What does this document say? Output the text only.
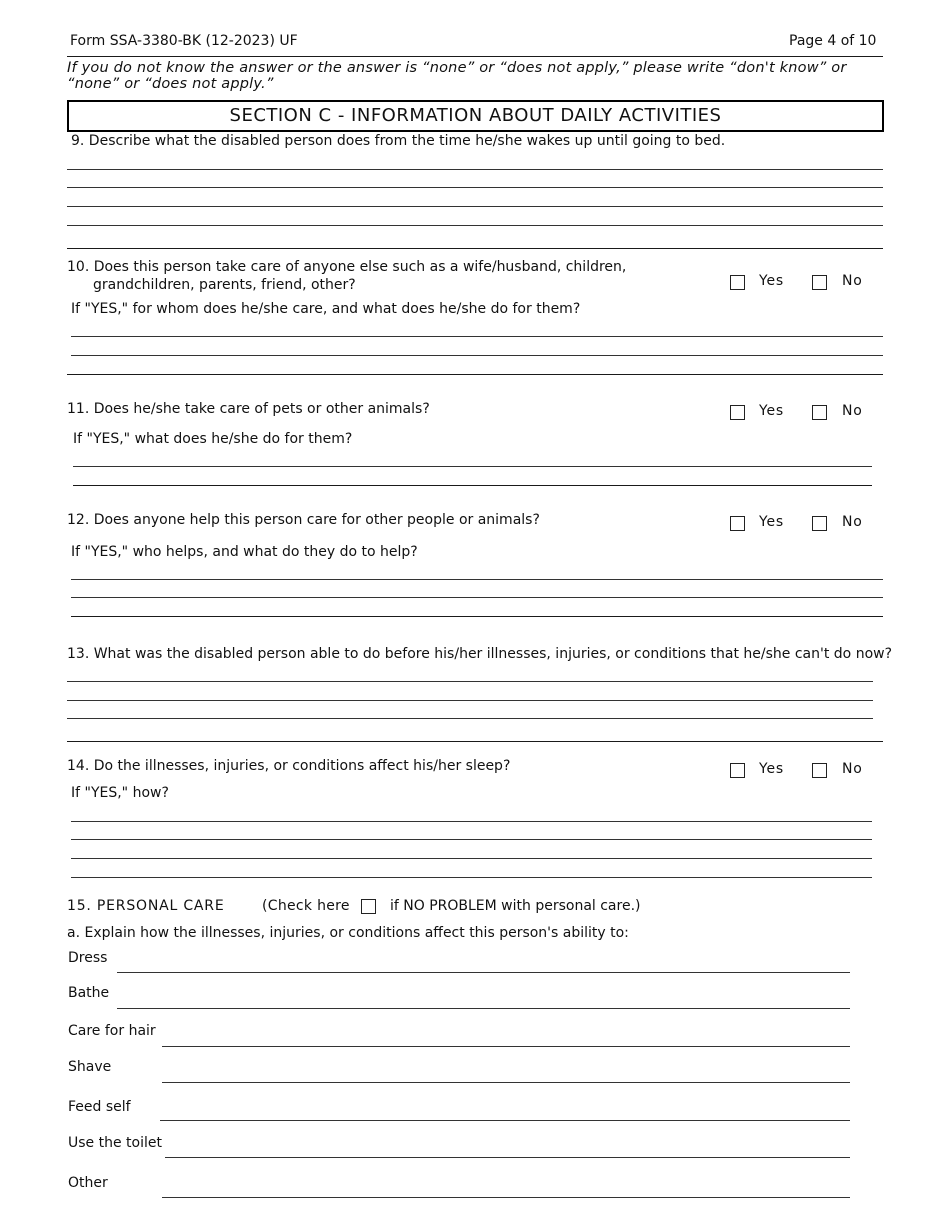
Form SSA-3380-BK (12-2023) UF	Page 4 of 10
If you do not know the answer or the answer is “none” or “does not apply,” please write “don't know” or “none” or “does not apply.”
SECTION C - INFORMATION ABOUT DAILY ACTIVITIES
9. Describe what the disabled person does from the time he/she wakes up until going to bed.
10. Does this person take care of anyone else such as a wife/husband, children,
grandchildren, parents, friend, other?	Yes	No
If "YES," for whom does he/she care, and what does he/she do for them?
11. Does he/she take care of pets or other animals?	Yes	No
If "YES," what does he/she do for them?
12. Does anyone help this person care for other people or animals?	Yes	No
If "YES," who helps, and what do they do to help?
13. What was the disabled person able to do before his/her illnesses, injuries, or conditions that he/she can't do now?
14. Do the illnesses, injuries, or conditions affect his/her sleep?	Yes	No
If "YES," how?
15. PERSONAL CARE	(Check here	if NO PROBLEM with personal care.)
a. Explain how the illnesses, injuries, or conditions affect this person's ability to:
Dress
Bathe
Care for hair
Shave
Feed self
Use the toilet
Other
